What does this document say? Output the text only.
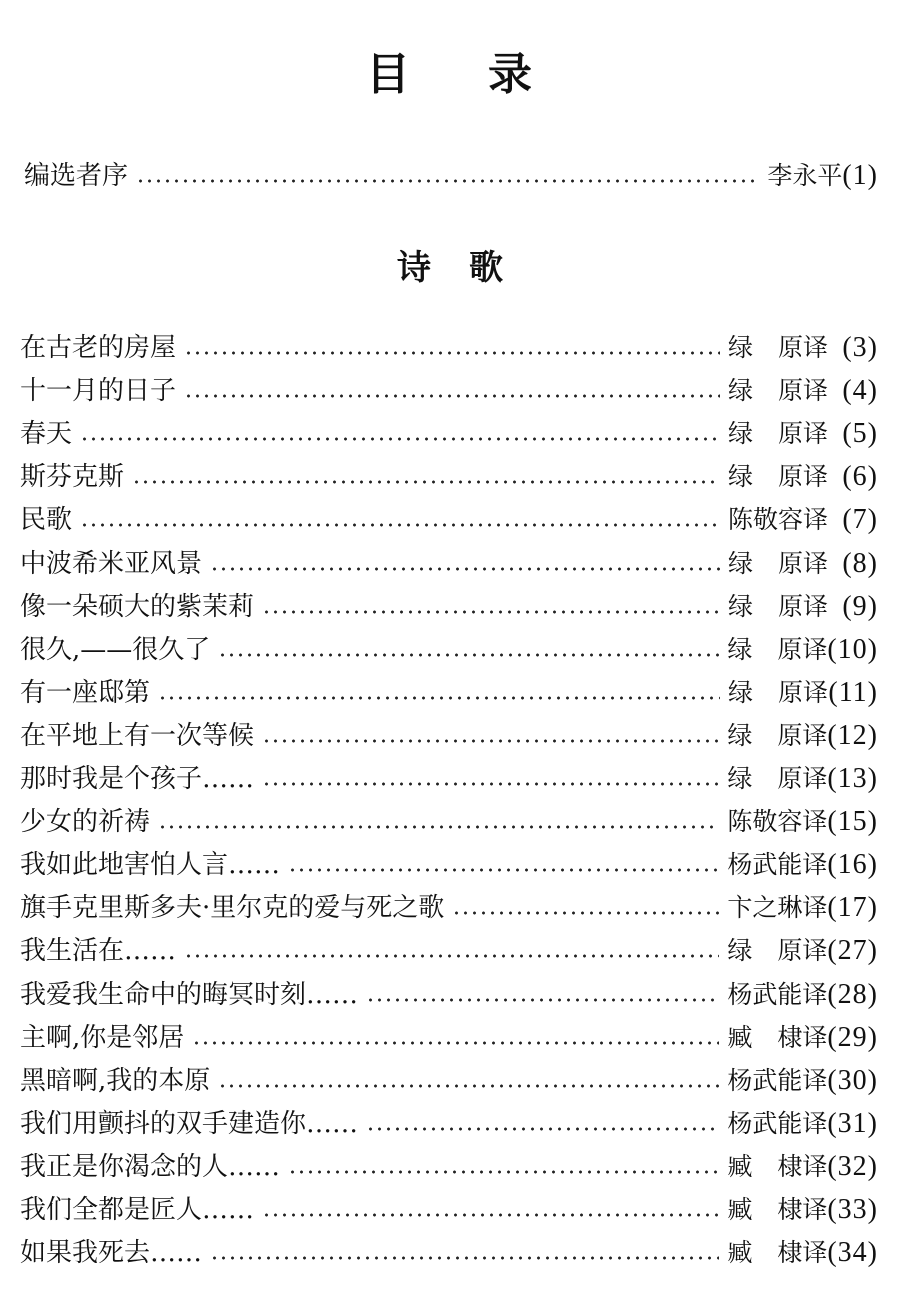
目 录
编选者序	李永平 (1)
诗 歌
在古老的房屋	绿　原译 (3)
十一月的日子	绿　原译 (4)
春天	绿　原译 (5)
斯芬克斯	绿　原译 (6)
民歌	陈敬容译 (7)
中波希米亚风景	绿　原译 (8)
像一朵硕大的紫茉莉	绿　原译 (9)
很久,——很久了	绿　原译 (10)
有一座邸第	绿　原译 (11)
在平地上有一次等候	绿　原译 (12)
那时我是个孩子……	绿　原译 (13)
少女的祈祷	陈敬容译 (15)
我如此地害怕人言……	杨武能译 (16)
旗手克里斯多夫·里尔克的爱与死之歌	卞之琳译 (17)
我生活在……	绿　原译 (27)
我爱我生命中的晦冥时刻……	杨武能译 (28)
主啊,你是邻居	臧　棣译 (29)
黑暗啊,我的本原	杨武能译 (30)
我们用颤抖的双手建造你……	杨武能译 (31)
我正是你渴念的人……	臧　棣译 (32)
我们全都是匠人……	臧　棣译 (33)
如果我死去……	臧　棣译 (34)
